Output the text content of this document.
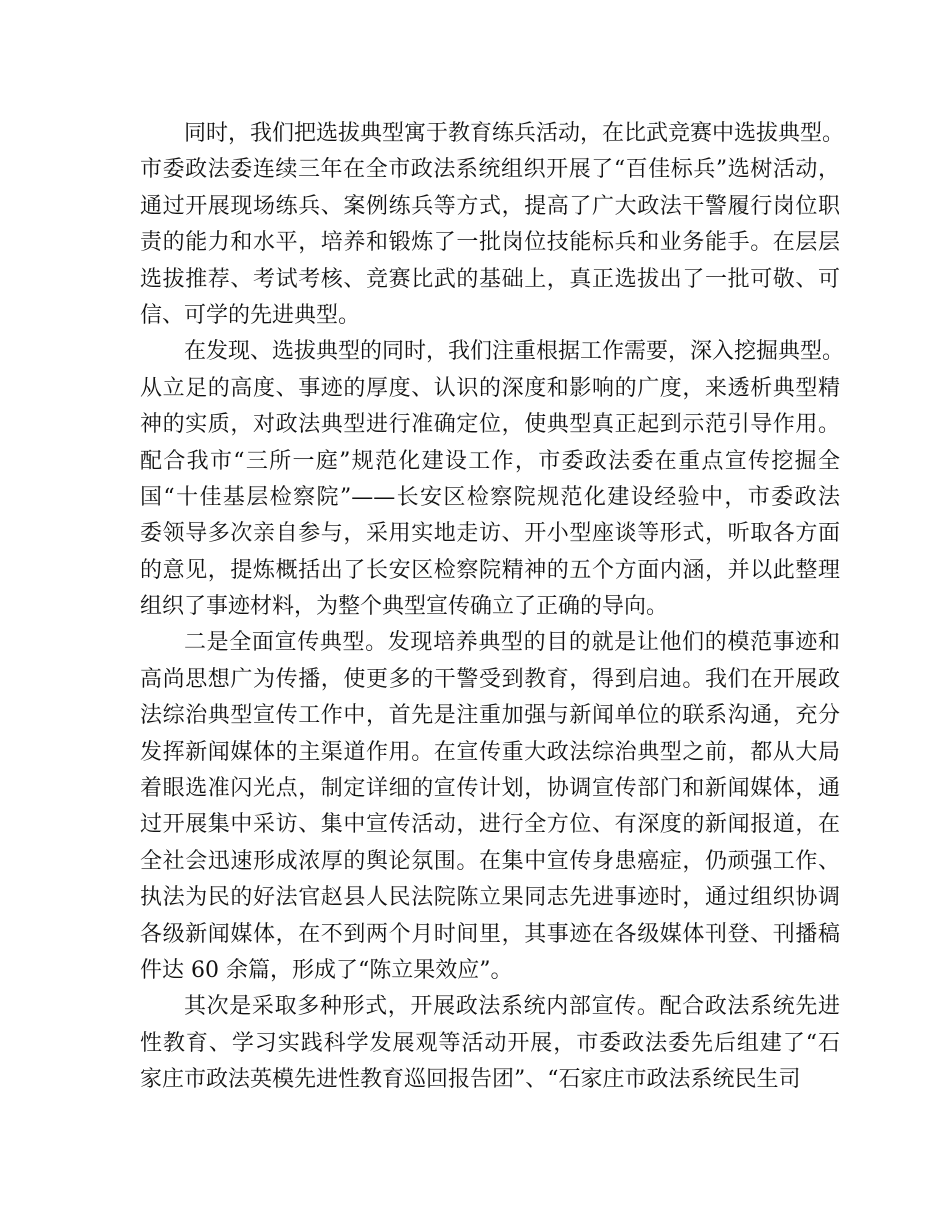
同时，我们把选拔典型寓于教育练兵活动，在比武竞赛中选拔典型。
市委政法委连续三年在全市政法系统组织开展了“百佳标兵”选树活动，
通过开展现场练兵、案例练兵等方式，提高了广大政法干警履行岗位职
责的能力和水平，培养和锻炼了一批岗位技能标兵和业务能手。在层层
选拔推荐、考试考核、竞赛比武的基础上，真正选拔出了一批可敬、可
信、可学的先进典型。
在发现、选拔典型的同时，我们注重根据工作需要，深入挖掘典型。
从立足的高度、事迹的厚度、认识的深度和影响的广度，来透析典型精
神的实质，对政法典型进行准确定位，使典型真正起到示范引导作用。
配合我市“三所一庭”规范化建设工作，市委政法委在重点宣传挖掘全
国“十佳基层检察院”——长安区检察院规范化建设经验中，市委政法
委领导多次亲自参与，采用实地走访、开小型座谈等形式，听取各方面
的意见，提炼概括出了长安区检察院精神的五个方面内涵，并以此整理
组织了事迹材料，为整个典型宣传确立了正确的导向。
二是全面宣传典型。发现培养典型的目的就是让他们的模范事迹和
高尚思想广为传播，使更多的干警受到教育，得到启迪。我们在开展政
法综治典型宣传工作中，首先是注重加强与新闻单位的联系沟通，充分
发挥新闻媒体的主渠道作用。在宣传重大政法综治典型之前，都从大局
着眼选准闪光点，制定详细的宣传计划，协调宣传部门和新闻媒体，通
过开展集中采访、集中宣传活动，进行全方位、有深度的新闻报道，在
全社会迅速形成浓厚的舆论氛围。在集中宣传身患癌症，仍顽强工作、
执法为民的好法官赵县人民法院陈立果同志先进事迹时，通过组织协调
各级新闻媒体，在不到两个月时间里，其事迹在各级媒体刊登、刊播稿
件达 60 余篇，形成了“陈立果效应”。
其次是采取多种形式，开展政法系统内部宣传。配合政法系统先进
性教育、学习实践科学发展观等活动开展，市委政法委先后组建了“石
家庄市政法英模先进性教育巡回报告团”、“石家庄市政法系统民生司
